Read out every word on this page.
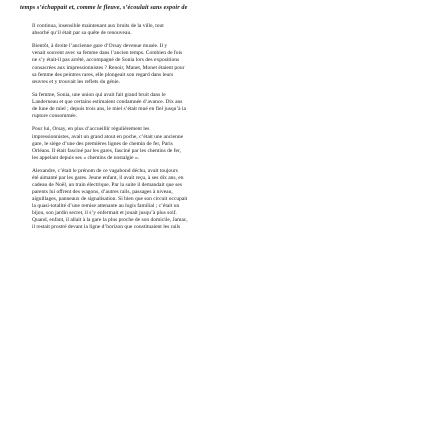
temps s’échappait et, comme le fleuve, s’écoulait sans espoir de
Il continua, insensible maintenant aux bruits de la ville, tout
absorbé qu’il était par sa quête de renouveau.
Bientôt, à droite l’ancienne gare d’Orsay devenue musée. Il y
venait souvent avec sa femme dans l’ancien temps. Combien de fois
ne s’y était-il pas arrêté, accompagné de Sonia lors des expositions
consacrées aux impressionnistes ? Renoir, Manet, Monet étaient pour
sa femme des peintres rares, elle plongeait son regard dans leurs
œuvres et y trouvait les reflets du génie.
Sa femme, Sonia, une union qui avait fait grand bruit dans le
Landerneau et que certains estimaient condamnée d’avance. Dix ans
de lune de miel ; depuis trois ans, le miel s’était mué en fiel jusqu’à la
rupture consommée.
Pour lui, Orsay, en plus d’accueillir régulièrement les
impressionnistes, avait un grand atout en poche, c’était une ancienne
gare, le siège d’une des premières lignes de chemin de fer, Paris
Orléans. Il était fasciné par les gares, fasciné par les chemins de fer,
les appelant depuis ses « chemins de nostalgie ».
Alexandre, c’était le prénom de ce vagabond déchu, avait toujours
été aimanté par les gares. Jeune enfant, il avait reçu, à ses dix ans, en
cadeau de Noël, un train électrique. Par la suite il demandait que ses
parents lui offrent des wagons, d’autres rails, passages à niveau,
aiguillages, panneaux de signalisation. Si bien que son circuit occupait
la quasi-totalité d’une remise attenante au logis familial ; c’était un
bijou, son jardin secret, il s’y enfermait et jouait jusqu’à plus soif.
Quand, enfant, il allait à la gare la plus proche de son domicile, Jamac,
il restait prostré devant la ligne d’horizon que constituaient les rails
